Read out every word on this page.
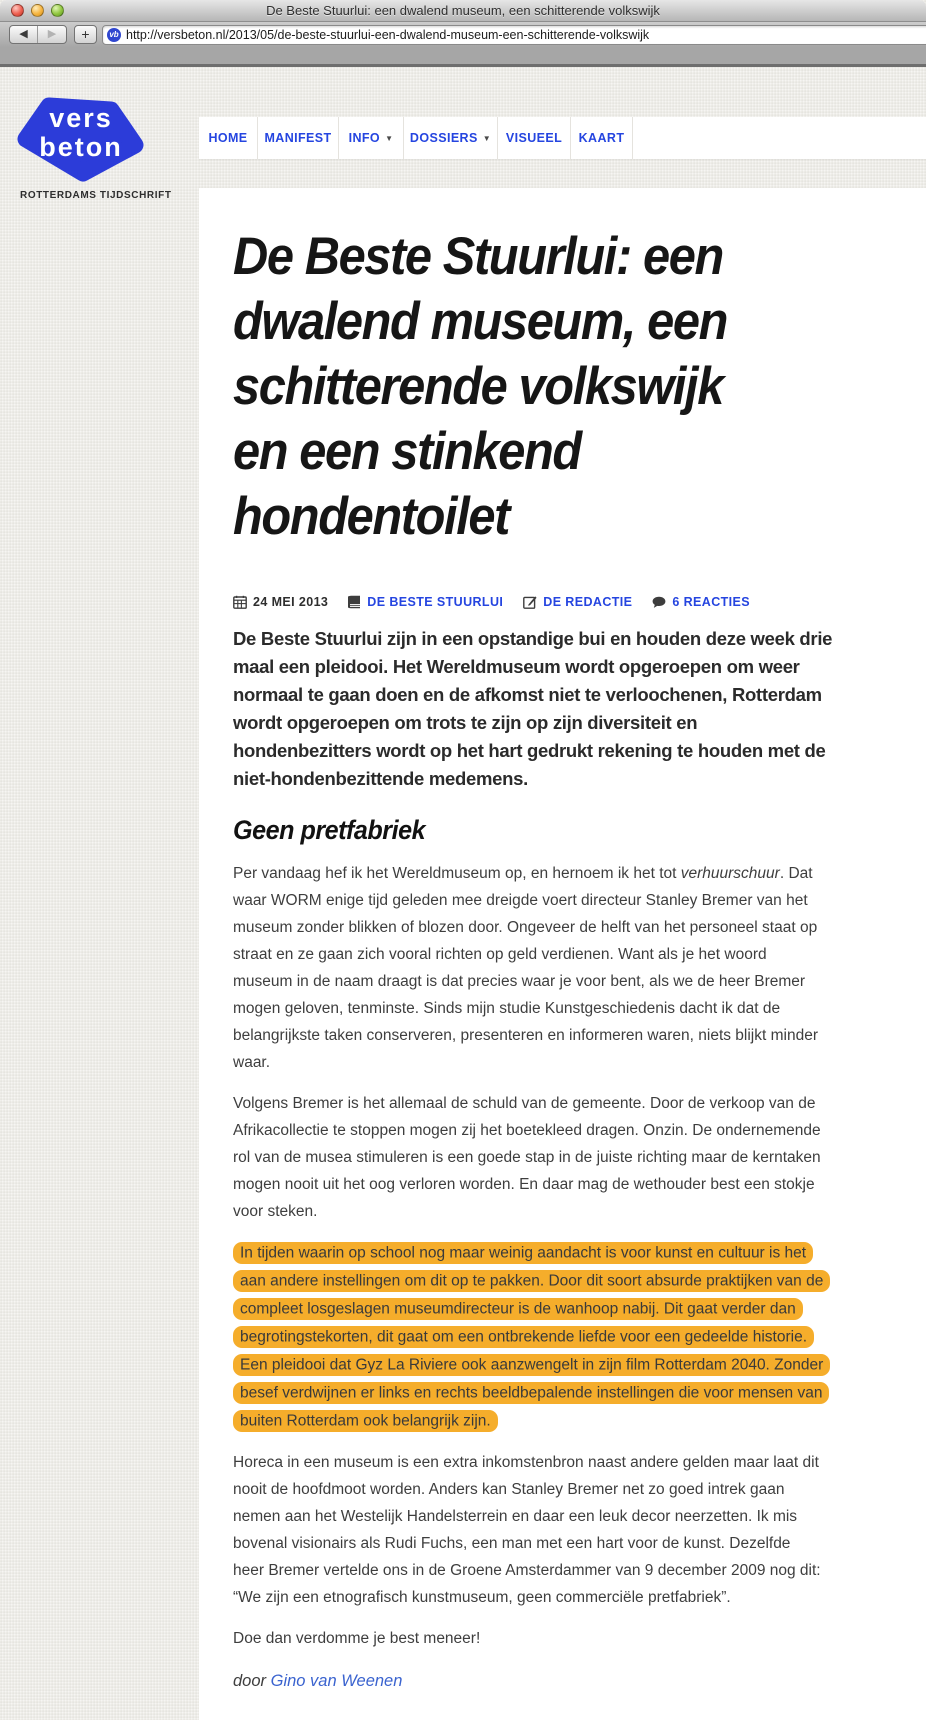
De Beste Stuurlui: een dwalend museum, een schitterende volkswijk
◀	▶	+	vb http://versbeton.nl/2013/05/de-beste-stuurlui-een-dwalend-museum-een-schitterende-volkswijk
vers
beton
ROTTERDAMS TIJDSCHRIFT
HOME MANIFEST INFO ▼ DOSSIERS ▼ VISUEEL KAART
De Beste Stuurlui: een
dwalend museum, een
schitterende volkswijk
en een stinkend
hondentoilet
24 MEI 2013	DE BESTE STUURLUI	DE REDACTIE	6 REACTIES

De Beste Stuurlui zijn in een opstandige bui en houden deze week drie maal een pleidooi. Het Wereldmuseum wordt opgeroepen om weer normaal te gaan doen en de afkomst niet te verloochenen, Rotterdam wordt opgeroepen om trots te zijn op zijn diversiteit en hondenbezitters wordt op het hart gedrukt rekening te houden met de niet-hondenbezittende medemens.

Geen pretfabriek

Per vandaag hef ik het Wereldmuseum op, en hernoem ik het tot verhuurschuur. Dat waar WORM enige tijd geleden mee dreigde voert directeur Stanley Bremer van het museum zonder blikken of blozen door. Ongeveer de helft van het personeel staat op straat en ze gaan zich vooral richten op geld verdienen. Want als je het woord museum in de naam draagt is dat precies waar je voor bent, als we de heer Bremer mogen geloven, tenminste. Sinds mijn studie Kunstgeschiedenis dacht ik dat de belangrijkste taken conserveren, presenteren en informeren waren, niets blijkt minder waar.

Volgens Bremer is het allemaal de schuld van de gemeente. Door de verkoop van de Afrikacollectie te stoppen mogen zij het boetekleed dragen. Onzin. De ondernemende rol van de musea stimuleren is een goede stap in de juiste richting maar de kerntaken mogen nooit uit het oog verloren worden. En daar mag de wethouder best een stokje voor steken.

In tijden waarin op school nog maar weinig aandacht is voor kunst en cultuur is het aan andere instellingen om dit op te pakken. Door dit soort absurde praktijken van de compleet losgeslagen museumdirecteur is de wanhoop nabij. Dit gaat verder dan begrotingstekorten, dit gaat om een ontbrekende liefde voor een gedeelde historie. Een pleidooi dat Gyz La Riviere ook aanzwengelt in zijn film Rotterdam 2040. Zonder besef verdwijnen er links en rechts beeldbepalende instellingen die voor mensen van buiten Rotterdam ook belangrijk zijn.

Horeca in een museum is een extra inkomstenbron naast andere gelden maar laat dit nooit de hoofdmoot worden. Anders kan Stanley Bremer net zo goed intrek gaan nemen aan het Westelijk Handelsterrein en daar een leuk decor neerzetten. Ik mis bovenal visionairs als Rudi Fuchs, een man met een hart voor de kunst. Dezelfde heer Bremer vertelde ons in de Groene Amsterdammer van 9 december 2009 nog dit: “We zijn een etnografisch kunstmuseum, geen commerciële pretfabriek”.

Doe dan verdomme je best meneer!

door Gino van Weenen
